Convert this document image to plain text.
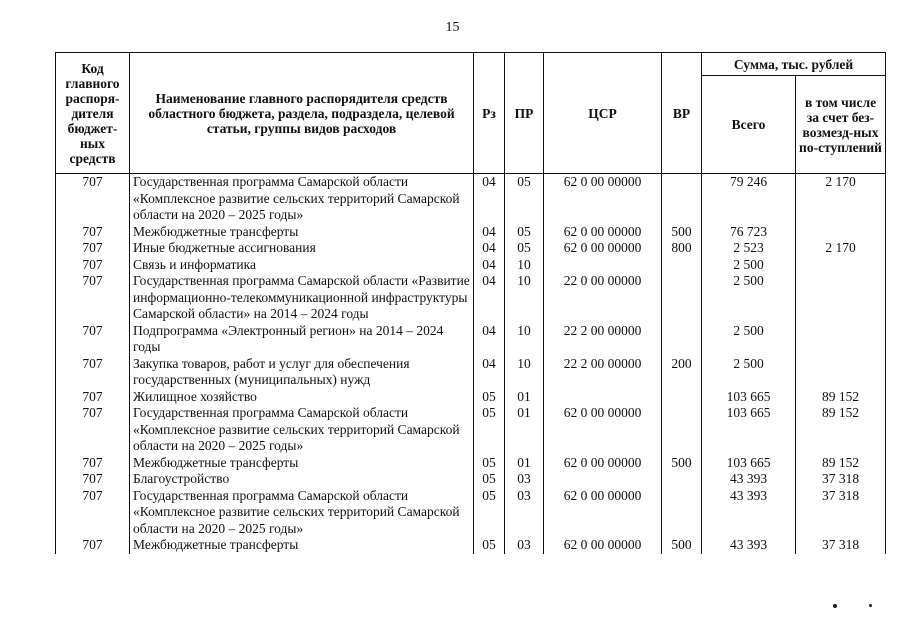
15
Код главного распоря-дителя бюджет-ных средств	Наименование главного распорядителя средств областного бюджета, раздела, подраздела, целевой статьи, группы видов расходов	Рз	ПР	ЦСР	ВР	Сумма, тыс. рублей	
						Всего	в том числе за счет без-возмезд-ных по-ступлений
707	Государственная программа Самарской области «Комплексное развитие сельских территорий Самарской области на 2020 – 2025 годы»	04	05	62 0 00 00000		79 246	2 170
707	Межбюджетные трансферты	04	05	62 0 00 00000	500	76 723	
707	Иные бюджетные ассигнования	04	05	62 0 00 00000	800	2 523	2 170
707	Связь и информатика	04	10			2 500	
707	Государственная программа Самарской области «Развитие информационно-телекоммуникационной инфраструктуры Самарской области» на 2014 – 2024 годы	04	10	22 0 00 00000		2 500	
707	Подпрограмма «Электронный регион» на 2014 – 2024 годы	04	10	22 2 00 00000		2 500	
707	Закупка товаров, работ и услуг для обеспечения государственных (муниципальных) нужд	04	10	22 2 00 00000	200	2 500	
707	Жилищное хозяйство	05	01			103 665	89 152
707	Государственная программа Самарской области «Комплексное развитие сельских территорий Самарской области на 2020 – 2025 годы»	05	01	62 0 00 00000		103 665	89 152
707	Межбюджетные трансферты	05	01	62 0 00 00000	500	103 665	89 152
707	Благоустройство	05	03			43 393	37 318
707	Государственная программа Самарской области «Комплексное развитие сельских территорий Самарской области на 2020 – 2025 годы»	05	03	62 0 00 00000		43 393	37 318
707	Межбюджетные трансферты	05	03	62 0 00 00000	500	43 393	37 318
